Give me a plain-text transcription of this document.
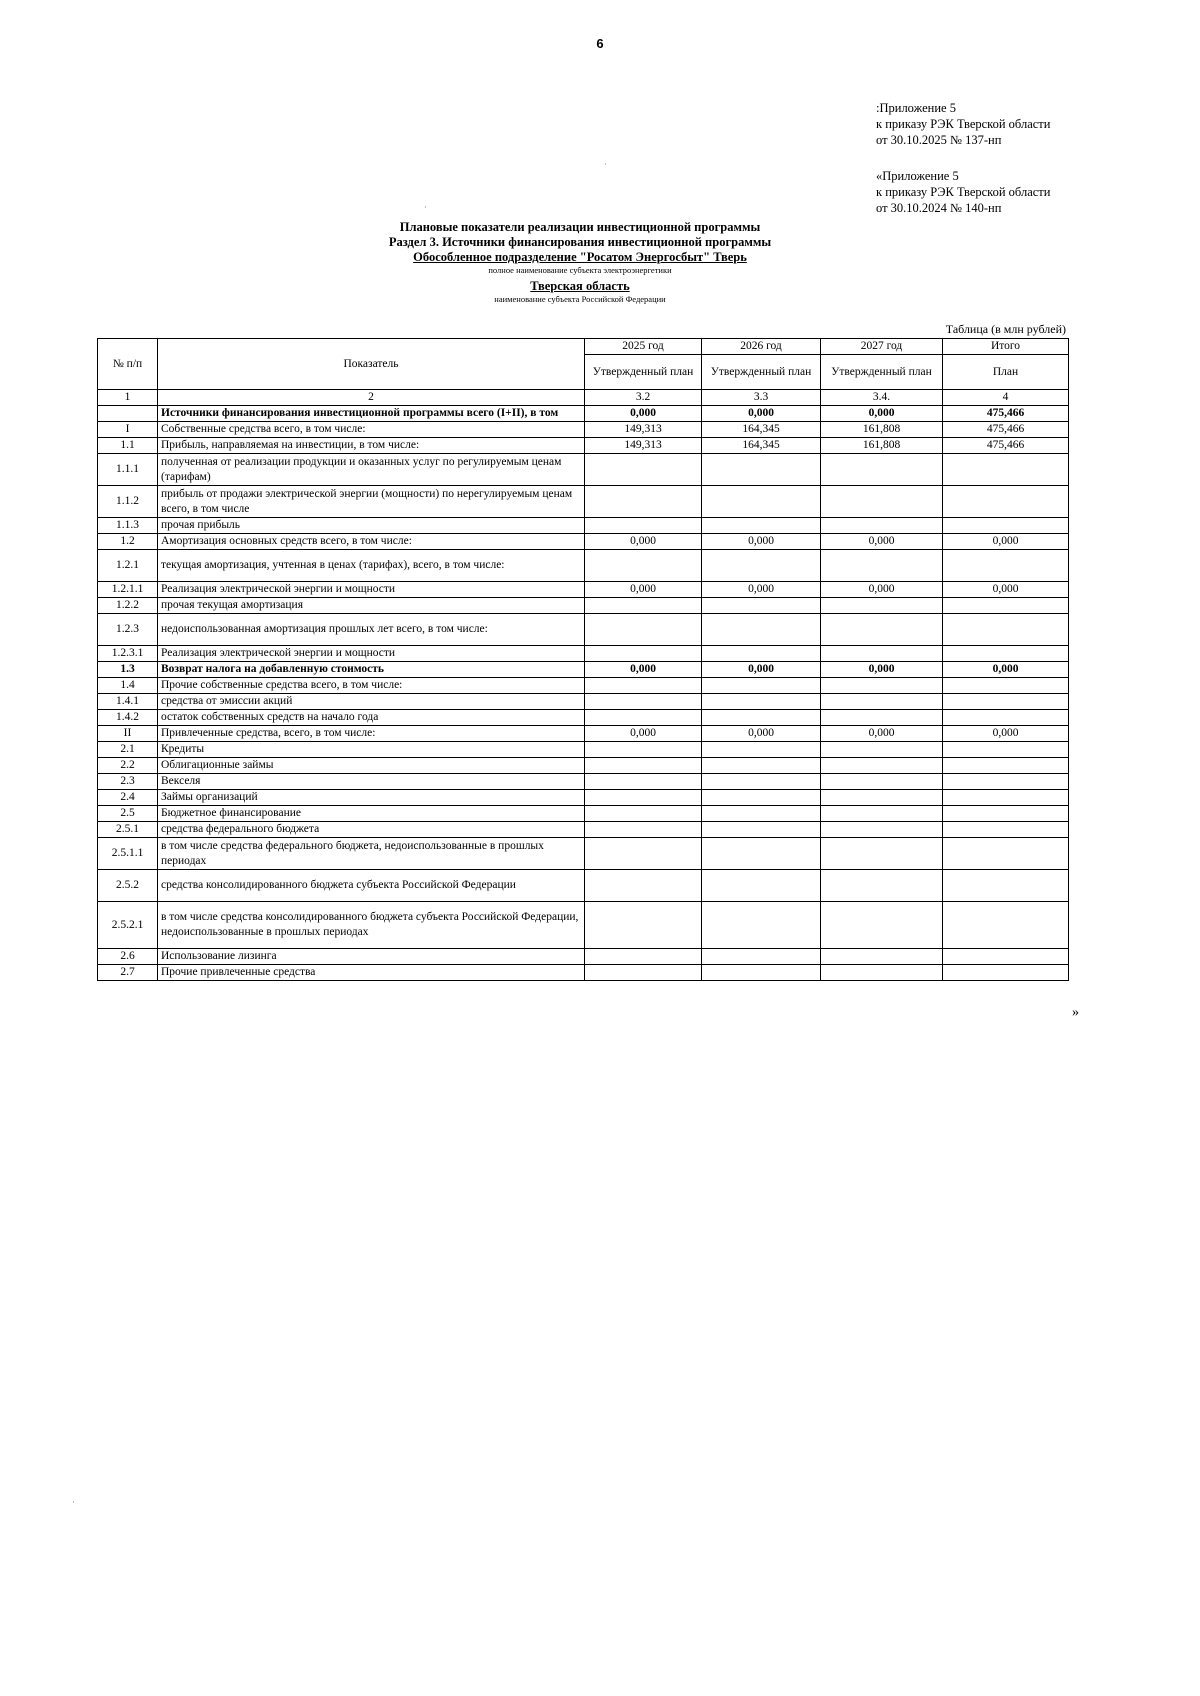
6
:Приложение 5
к приказу РЭК Тверской области
от 30.10.2025 № 137-нп
«Приложение 5
к приказу РЭК Тверской области
от 30.10.2024 № 140-нп
·
·
·
Плановые показатели реализации инвестиционной программы
Раздел 3. Источники финансирования инвестиционной программы
Обособленное подразделение "Росатом Энергосбыт" Тверь
полное наименование субъекта электроэнергетики
Тверская область
наименование субъекта Российской Федерации
Таблица (в млн рублей)
№ п/п	Показатель	2025 год	2026 год	2027 год	Итого
		Утвержденный план	Утвержденный план	Утвержденный план	План
1	2	3.2	3.3	3.4.	4
	Источники финансирования инвестиционной программы всего (I+II), в том	0,000	0,000	0,000	475,466
I	Собственные средства всего, в том числе:	149,313	164,345	161,808	475,466
1.1	Прибыль, направляемая на инвестиции, в том числе:	149,313	164,345	161,808	475,466
1.1.1	полученная от реализации продукции и оказанных услуг по регулируемым ценам (тарифам)				
1.1.2	прибыль от продажи электрической энергии (мощности) по нерегулируемым ценам всего, в том числе				
1.1.3	прочая прибыль				
1.2	Амортизация основных средств всего, в том числе:	0,000	0,000	0,000	0,000
1.2.1	текущая амортизация, учтенная в ценах (тарифах), всего, в том числе:				
1.2.1.1	Реализация электрической энергии и мощности	0,000	0,000	0,000	0,000
1.2.2	прочая текущая амортизация				
1.2.3	недоиспользованная амортизация прошлых лет всего, в том числе:				
1.2.3.1	Реализация электрической энергии и мощности				
1.3	Возврат налога на добавленную стоимость	0,000	0,000	0,000	0,000
1.4	Прочие собственные средства всего, в том числе:				
1.4.1	средства от эмиссии акций				
1.4.2	остаток собственных средств на начало года				
II	Привлеченные средства, всего, в том числе:	0,000	0,000	0,000	0,000
2.1	Кредиты				
2.2	Облигационные займы				
2.3	Векселя				
2.4	Займы организаций				
2.5	Бюджетное финансирование				
2.5.1	средства федерального бюджета				
2.5.1.1	в том числе средства федерального бюджета, недоиспользованные в прошлых периодах				
2.5.2	средства консолидированного бюджета субъекта Российской Федерации				
2.5.2.1	в том числе средства консолидированного бюджета субъекта Российской Федерации, недоиспользованные в прошлых периодах				
2.6	Использование лизинга				
2.7	Прочие привлеченные средства				
»
